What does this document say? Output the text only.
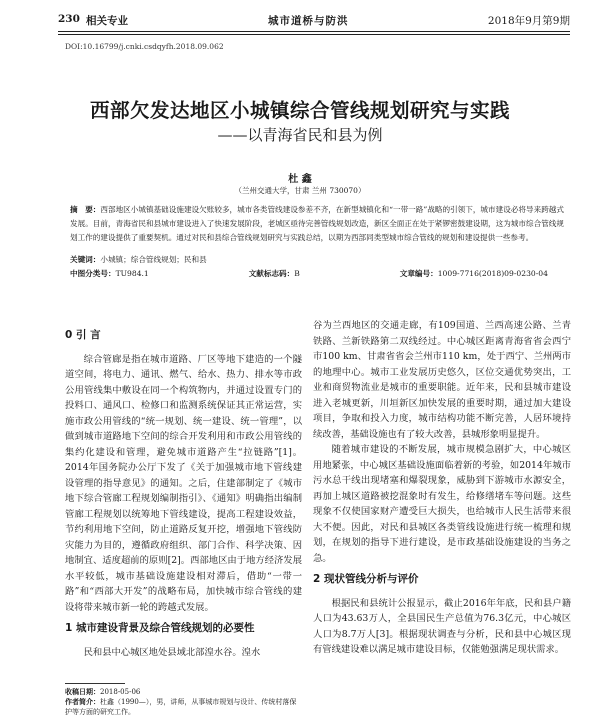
230 相关专业	城市道桥与防洪	2018年9月第9期
DOI:10.16799/j.cnki.csdqyfh.2018.09.062
西部欠发达地区小城镇综合管线规划研究与实践
——以青海省民和县为例
杜 鑫
（兰州交通大学，甘肃 兰州 730070）
摘　要：西部地区小城镇基础设施建设欠账较多，城市各类管线建设参差不齐，在新型城镇化和“一带一路”战略的引领下，城市建设必将导来跨越式发展。目前，青海省民和县城市建设进入了快速发展阶段，老城区亟待完善管线规划改造，新区全面正在处于紧锣密鼓建设期，这为城市综合管线规划工作的建设提供了重要契机。通过对民和县综合管线规划研究与实践总结，以期为西部同类型城市综合管线的规划和建设提供一些参考。
关键词：小城镇；综合管线规划；民和县
中图分类号：TU984.1	文献标志码：B	文章编号：1009-7716(2018)09-0230-04
0 引 言

综合管廊是指在城市道路、厂区等地下建造的一个隧道空间，将电力、通讯、燃气、给水、热力、排水等市政公用管线集中敷设在同一个构筑物内，并通过设置专门的投料口、通风口、检修口和监测系统保证其正常运营，实施市政公用管线的“统一规划、统一建设、统一管理”，以做到城市道路地下空间的综合开发利用和市政公用管线的集约化建设和管理，避免城市道路产生“拉链路”[1]。2014年国务院办公厅下发了《关于加强城市地下管线建设管理的指导意见》的通知。之后，住建部制定了《城市地下综合管廊工程规划编制指引》、《通知》明确指出编制管廊工程规划以统筹地下管线建设，提高工程建设效益，节约利用地下空间，防止道路反复开挖，增强地下管线防灾能力为目的，遵循政府组织、部门合作、科学决策、因地制宜、适度超前的原则[2]。西部地区由于地方经济发展水平较低，城市基础设施建设相对滞后，借助“一带一路”和“西部大开发”的战略布局，加快城市综合管线的建设将带来城市新一轮的跨越式发展。

1 城市建设背景及综合管线规划的必要性

民和县中心城区地处县域北部湟水谷。湟水

谷为兰西地区的交通走廊，有109国道、兰西高速公路、兰青铁路、兰新铁路第二双线经过。中心城区距离青海省省会西宁市100 km、甘肃省省会兰州市110 km，处于西宁、兰州两市的地理中心。城市工业发展历史悠久，区位交通优势突出，工业和商贸物流业是城市的重要职能。近年来，民和县城市建设进入老城更新，川垣新区加快发展的重要时期，通过加大建设项目，争取和投入力度，城市结构功能不断完善，人居环境持续改善，基础设施也有了较大改善，县城形象明显提升。

随着城市建设的不断发展，城市规模急剧扩大，中心城区用地紧张，中心城区基础设施面临着新的考验，如2014年城市污水总干线出现堵塞和爆裂现象，威胁到下游城市水源安全，再加上城区道路被挖混象时有发生，给修缮堵车等问题。这些现象不仅使国家财产遭受巨大损失，也给城市人民生活带来很大不便。因此，对民和县城区各类管线设施进行统一梳理和规划，在规划的指导下进行建设，是市政基础设施建设的当务之急。

2 现状管线分析与评价

根据民和县统计公报显示，截止2016年年底，民和县户籍人口为43.63万人，全县国民生产总值为76.3亿元，中心城区人口为8.7万人[3]。根据现状调查与分析，民和县中心城区现有管线建设难以满足城市建设目标，仅能勉强满足现状需求。

收稿日期：2018-05-06
作者简介：杜鑫（1990—），男，讲师，从事城市规划与设计、传统村落保护等方面的研究工作。
